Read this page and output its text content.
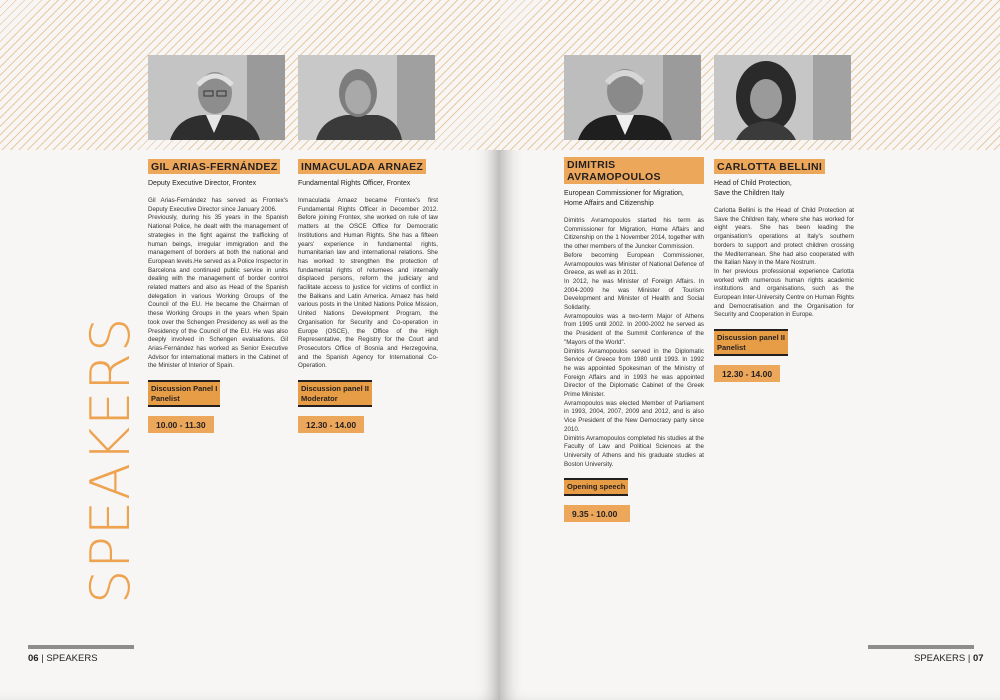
SPEAKERS
GIL ARIAS-FERNÁNDEZ
Deputy Executive Director, Frontex

Gil Arias-Fernández has served as Frontex's Deputy Executive Director since January 2006.

Previously, during his 35 years in the Spanish National Police, he dealt with the management of strategies in the fight against the trafficking of human beings, irregular immigration and the management of borders at both the national and European levels.He served as a Police Inspector in Barcelona and continued public service in units dealing with the management of border control related matters and also as Head of the Spanish delegation in various Working Groups of the Council of the EU. He became the Chairman of these Working Groups in the years when Spain took over the Schengen Presidency as well as the Presidency of the Council of the EU. He was also deeply involved in Schengen evaluations. Gil Arias-Fernández has worked as Senior Executive Advisor for international matters in the Cabinet of the Minister of Interior of Spain.

Discussion Panel I
Panelist
10.00 - 11.30
INMACULADA ARNAEZ
Fundamental Rights Officer, Frontex

Inmaculada Arnaez became Frontex's first Fundamental Rights Officer in December 2012. Before joining Frontex, she worked on rule of law matters at the OSCE Office for Democratic Institutions and Human Rights. She has a fifteen years' experience in fundamental rights, humanitarian law and international relations. She has worked to strengthen the protection of fundamental rights of returnees and internally displaced persons, reform the judiciary and facilitate access to justice for victims of conflict in the Balkans and Latin America. Arnaez has held various posts in the United Nations Police Mission, United Nations Development Program, the Organisation for Security and Co-operation in Europe (OSCE), the Office of the High Representative, the Registry for the Court and Prosecutors Office of Bosnia and Herzegovina, and the Spanish Agency for International Co-Operation.

Discussion panel II
Moderator
12.30 - 14.00
06 | SPEAKERS
DIMITRIS AVRAMOPOULOS
European Commissioner for Migration,
Home Affairs and Citizenship

Dimitris Avramopoulos started his term as Commissioner for Migration, Home Affairs and Citizenship on the 1 November 2014, together with the other members of the Juncker Commission.

Before becoming European Commissioner, Avramopoulos was Minister of National Defence of Greece, as well as in 2011.

In 2012, he was Minister of Foreign Affairs. In 2004-2009 he was Minister of Tourism Development and Minister of Health and Social Solidarity.

Avramopoulos was a two-term Major of Athens from 1995 until 2002. In 2000-2002 he served as the President of the Summit Conference of the "Mayors of the World".

Dimitris Avramopoulos served in the Diplomatic Service of Greece from 1980 until 1993. In 1992 he was appointed Spokesman of the Ministry of Foreign Affairs and in 1993 he was appointed Director of the Diplomatic Cabinet of the Greek Prime Minister.

Avramopoulos was elected Member of Parliament in 1993, 2004, 2007, 2009 and 2012, and is also Vice President of the New Democracy party since 2010.

Dimitris Avramopoulos completed his studies at the Faculty of Law and Political Sciences at the University of Athens and his graduate studies at Boston University.

Opening speech
9.35 - 10.00
CARLOTTA BELLINI
Head of Child Protection,
Save the Children Italy

Carlotta Bellini is the Head of Child Protection at Save the Children Italy, where she has worked for eight years. She has been leading the organisation's operations at Italy's southern borders to support and protect children crossing the Mediterranean. She had also cooperated with the Italian Navy in the Mare Nostrum.

In her previous professional experience Carlotta worked with numerous human rights academic institutions and organisations, such as the European Inter-University Centre on Human Rights and Democratisation and the Organisation for Security and Cooperation in Europe.

Discussion panel II
Panelist
12.30 - 14.00
SPEAKERS | 07
